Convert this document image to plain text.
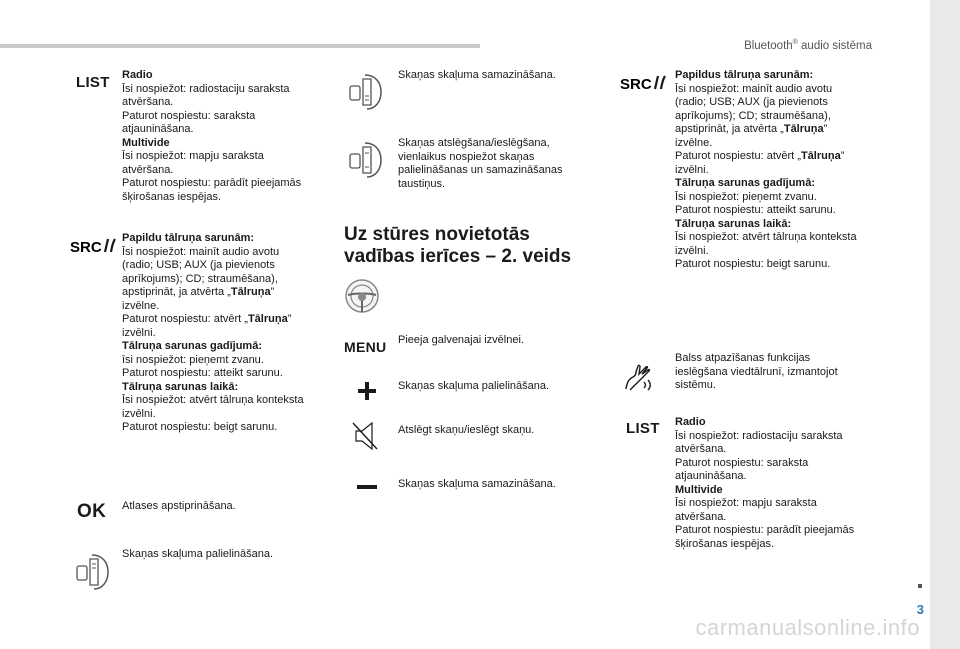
Bluetooth® audio sistēma
3
carmanualsonline.info
LIST Radio

Īsi nospiežot: radiostaciju saraksta atvēršana.

Paturot nospiestu: saraksta atjaunināšana.

Multivide

Īsi nospiežot: mapju saraksta atvēršana.

Paturot nospiestu: parādīt pieejamās šķirošanas iespējas.

SRC

Papildu tālruņa sarunām:

Īsi nospiežot: mainīt audio avotu (radio; USB; AUX (ja pievienots aprīkojums); CD; straumēšana), apstiprināt, ja atvērta „Tālruņa” izvēlne.

Paturot nospiestu: atvērt „Tālruņa” izvēlni.

Tālruņa sarunas gadījumā:

īsi nospiežot: pieņemt zvanu.

Paturot nospiestu: atteikt sarunu.

Tālruņa sarunas laikā:

Īsi nospiežot: atvērt tālruņa konteksta izvēlni.

Paturot nospiestu: beigt sarunu.

OK Atlases apstiprināšana.
Skaņas skaļuma palielināšana.
Skaņas skaļuma samazināšana.
Skaņas atslēgšana/ieslēgšana, vienlaikus nospiežot skaņas palielināšanas un samazināšanas taustiņus.
Uz stūres novietotās vadības ierīces – 2. veids
MENU Pieeja galvenajai izvēlnei.
Skaņas skaļuma palielināšana.
Atslēgt skaņu/ieslēgt skaņu.
Skaņas skaļuma samazināšana.
SRC

Papildus tālruņa sarunām:

Īsi nospiežot: mainīt audio avotu (radio; USB; AUX (ja pievienots aprīkojums); CD; straumēšana), apstiprināt, ja atvērta „Tālruņa” izvēlne.

Paturot nospiestu: atvērt „Tālruņa” izvēlni.

Tālruņa sarunas gadījumā:

Īsi nospiežot: pieņemt zvanu.

Paturot nospiestu: atteikt sarunu.

Tālruņa sarunas laikā:

Īsi nospiežot: atvērt tālruņa konteksta izvēlni.

Paturot nospiestu: beigt sarunu.

Balss atpazīšanas funkcijas ieslēgšana viedtālrunī, izmantojot sistēmu.
LIST Radio

Īsi nospiežot: radiostaciju saraksta atvēršana.

Paturot nospiestu: saraksta atjaunināšana.

Multivide

Īsi nospiežot: mapju saraksta atvēršana.

Paturot nospiestu: parādīt pieejamās šķirošanas iespējas.
